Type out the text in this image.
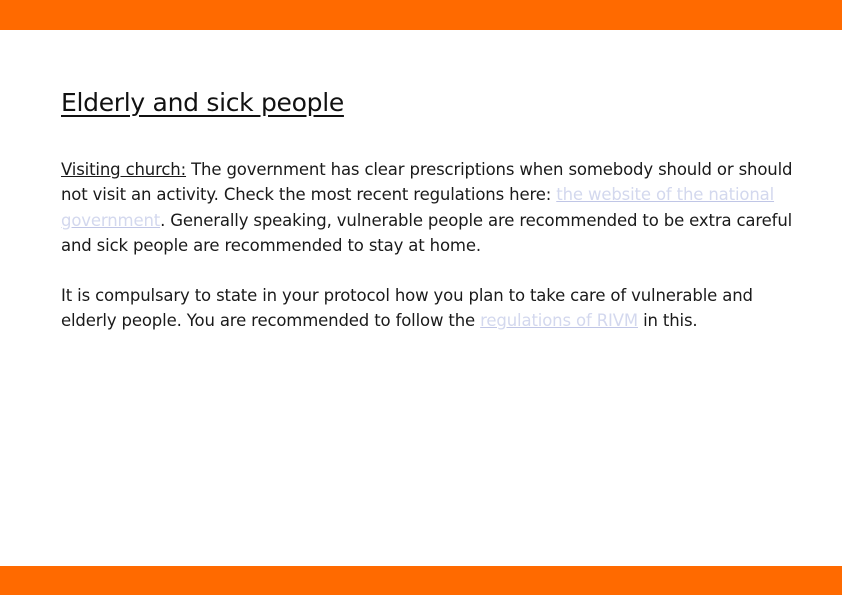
Elderly and sick people

Visiting church: The government has clear prescriptions when somebody should or should not visit an activity. Check the most recent regulations here: the website of the national government. Generally speaking, vulnerable people are recommended to be extra careful and sick people are recommended to stay at home.

It is compulsary to state in your protocol how you plan to take care of vulnerable and elderly people. You are recommended to follow the regulations of RIVM in this.
